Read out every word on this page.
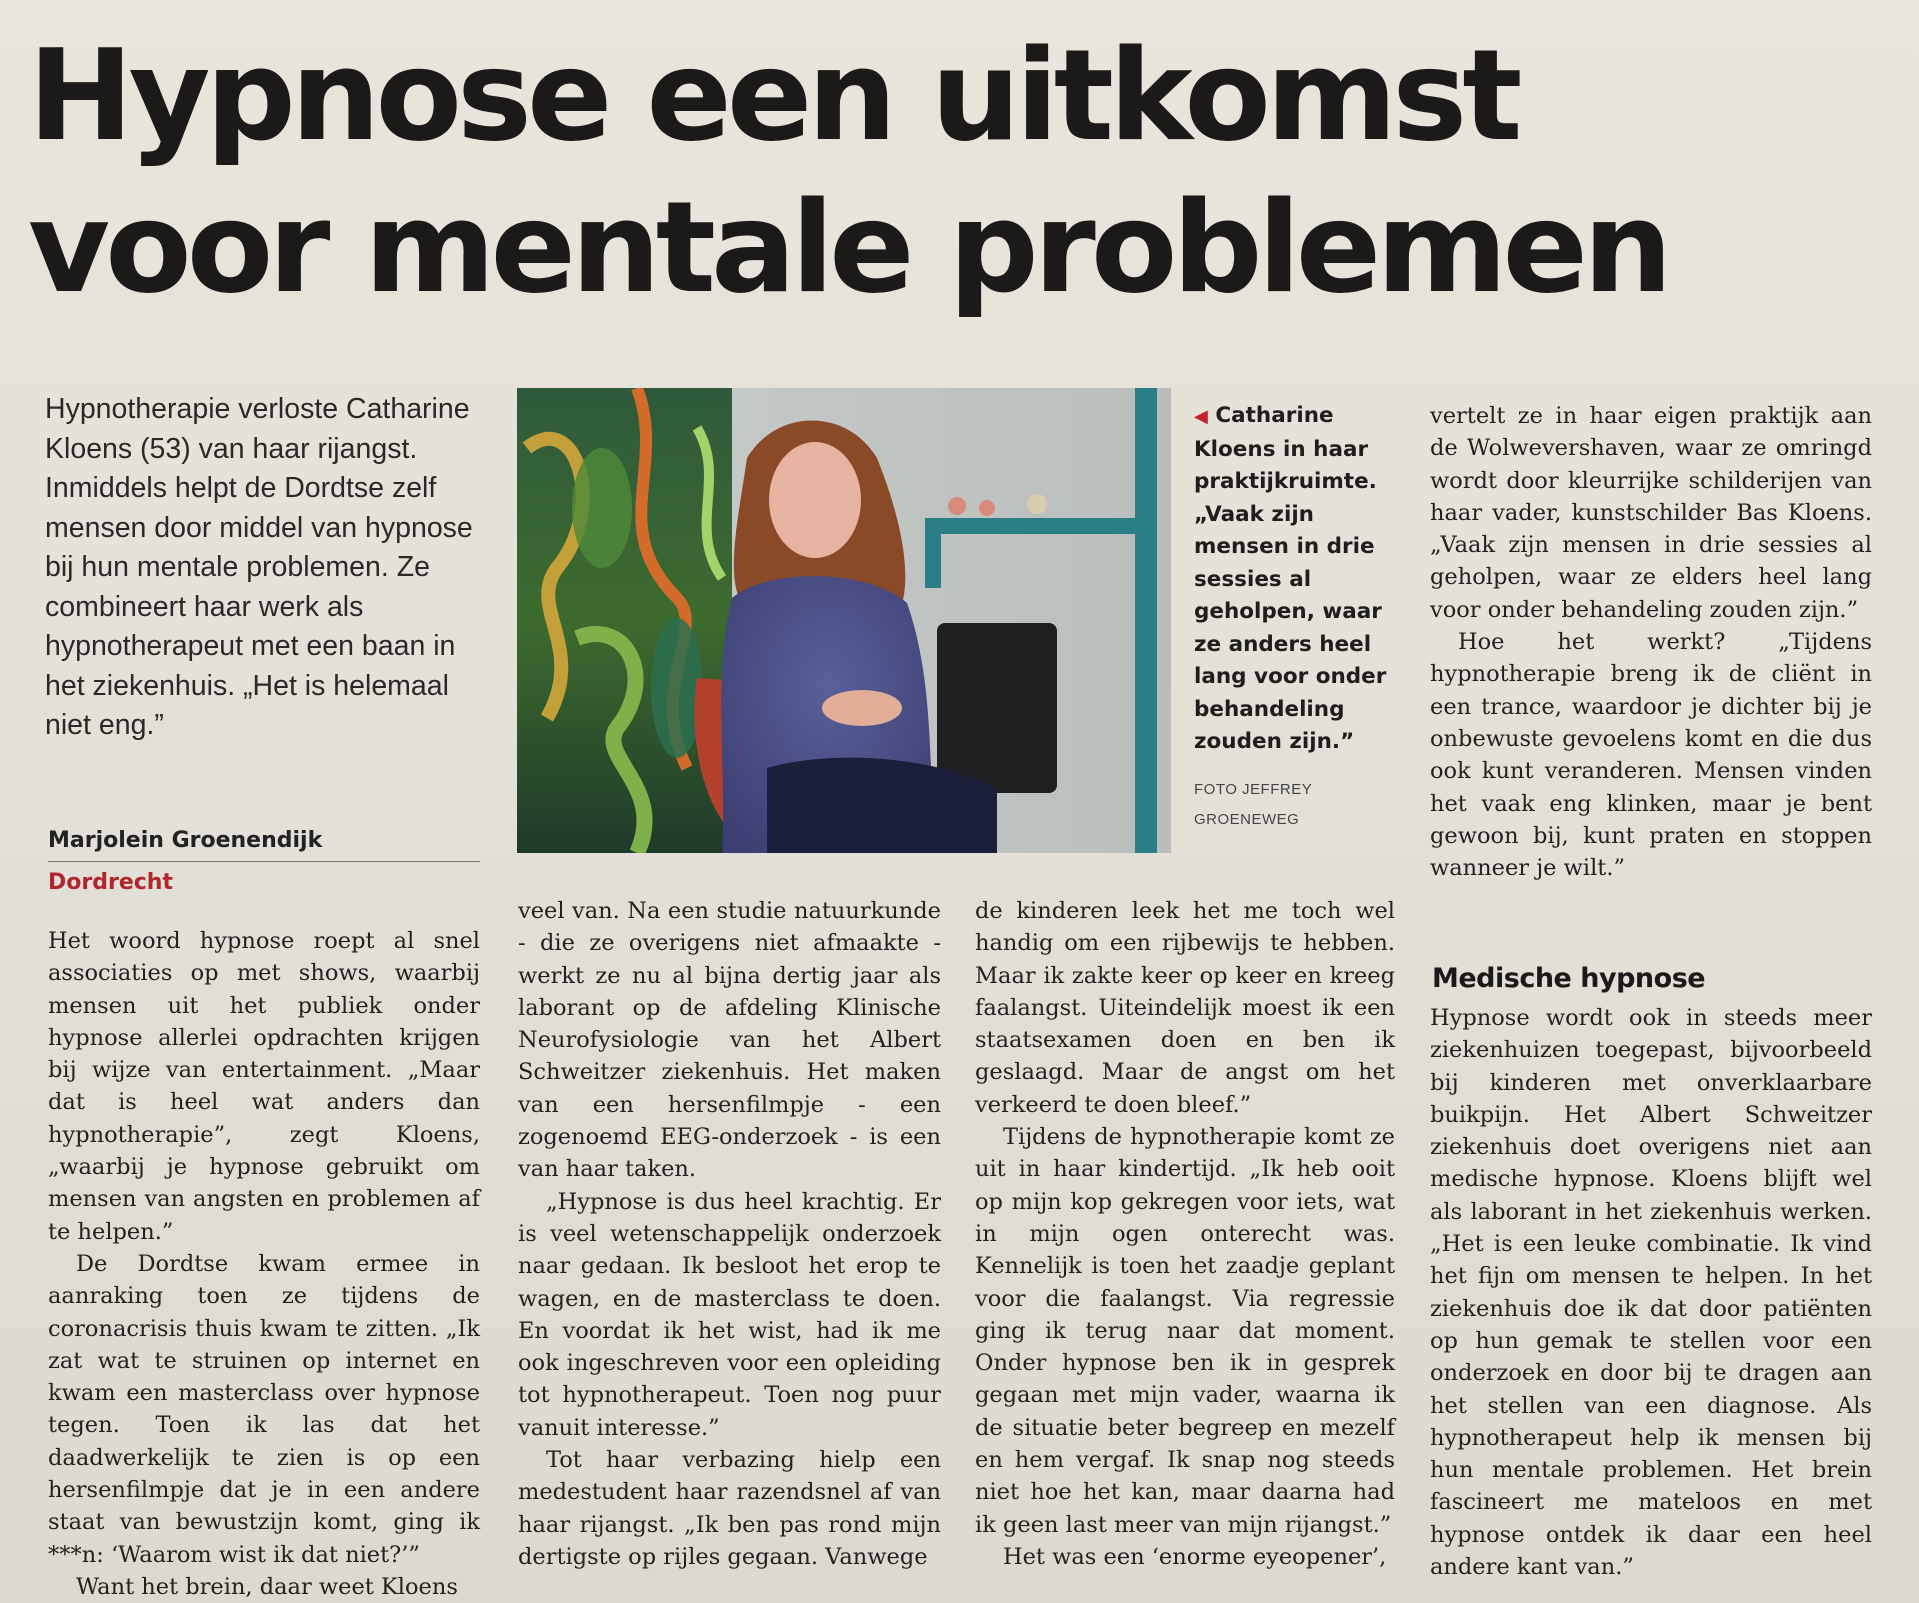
Hypnose een uitkomst
voor mentale problemen

Hypnotherapie verloste Catharine Kloens (53) van haar rijangst. Inmiddels helpt de Dordtse zelf mensen door middel van hypnose bij hun mentale problemen. Ze combineert haar werk als hypnotherapeut met een baan in het ziekenhuis. „Het is helemaal niet eng.”

Marjolein Groenendijk
Dordrecht
◀ Catharine Kloens in haar praktijkruimte. „Vaak zijn mensen in drie sessies al geholpen, waar ze anders heel lang voor onder behandeling zouden zijn.”
FOTO JEFFREY GROENEWEG

Het woord hypnose roept al snel associaties op met shows, waarbij mensen uit het publiek onder hypnose allerlei opdrachten krijgen bij wijze van entertainment. „Maar dat is heel wat anders dan hypnotherapie”, zegt Kloens, „waarbij je hypnose gebruikt om mensen van angsten en problemen af te helpen.”

De Dordtse kwam ermee in aanraking toen ze tijdens de coronacrisis thuis kwam te zitten. „Ik zat wat te struinen op internet en kwam een masterclass over hypnose tegen. Toen ik las dat het daadwerkelijk te zien is op een hersenfilmpje dat je in een andere staat van bewustzijn komt, ging ik ***n: ‘Waarom wist ik dat niet?’”

Want het brein, daar weet Kloens

veel van. Na een studie natuurkunde - die ze overigens niet afmaakte - werkt ze nu al bijna dertig jaar als laborant op de afdeling Klinische Neurofysiologie van het Albert Schweitzer ziekenhuis. Het maken van een hersenfilmpje - een zogenoemd EEG-onderzoek - is een van haar taken.

„Hypnose is dus heel krachtig. Er is veel wetenschappelijk onderzoek naar gedaan. Ik besloot het erop te wagen, en de masterclass te doen. En voordat ik het wist, had ik me ook ingeschreven voor een opleiding tot hypnotherapeut. Toen nog puur vanuit interesse.”

Tot haar verbazing hielp een medestudent haar razendsnel af van haar rijangst. „Ik ben pas rond mijn dertigste op rijles gegaan. Vanwege

de kinderen leek het me toch wel handig om een rijbewijs te hebben. Maar ik zakte keer op keer en kreeg faalangst. Uiteindelijk moest ik een staatsexamen doen en ben ik geslaagd. Maar de angst om het verkeerd te doen bleef.”

Tijdens de hypnotherapie komt ze uit in haar kindertijd. „Ik heb ooit op mijn kop gekregen voor iets, wat in mijn ogen onterecht was. Kennelijk is toen het zaadje geplant voor die faalangst. Via regressie ging ik terug naar dat moment. Onder hypnose ben ik in gesprek gegaan met mijn vader, waarna ik de situatie beter begreep en mezelf en hem vergaf. Ik snap nog steeds niet hoe het kan, maar daarna had ik geen last meer van mijn rijangst.”

Het was een ‘enorme eyeopener’,

vertelt ze in haar eigen praktijk aan de Wolwevershaven, waar ze omringd wordt door kleurrijke schilderijen van haar vader, kunstschilder Bas Kloens. „Vaak zijn mensen in drie sessies al geholpen, waar ze elders heel lang voor onder behandeling zouden zijn.”

Hoe het werkt? „Tijdens hypnotherapie breng ik de cliënt in een trance, waardoor je dichter bij je onbewuste gevoelens komt en die dus ook kunt veranderen. Mensen vinden het vaak eng klinken, maar je bent gewoon bij, kunt praten en stoppen wanneer je wilt.”

Medische hypnose

Hypnose wordt ook in steeds meer ziekenhuizen toegepast, bijvoorbeeld bij kinderen met onverklaarbare buikpijn. Het Albert Schweitzer ziekenhuis doet overigens niet aan medische hypnose. Kloens blijft wel als laborant in het ziekenhuis werken. „Het is een leuke combinatie. Ik vind het fijn om mensen te helpen. In het ziekenhuis doe ik dat door patiënten op hun gemak te stellen voor een onderzoek en door bij te dragen aan het stellen van een diagnose. Als hypnotherapeut help ik mensen bij hun mentale problemen. Het brein fascineert me mateloos en met hypnose ontdek ik daar een heel andere kant van.”
